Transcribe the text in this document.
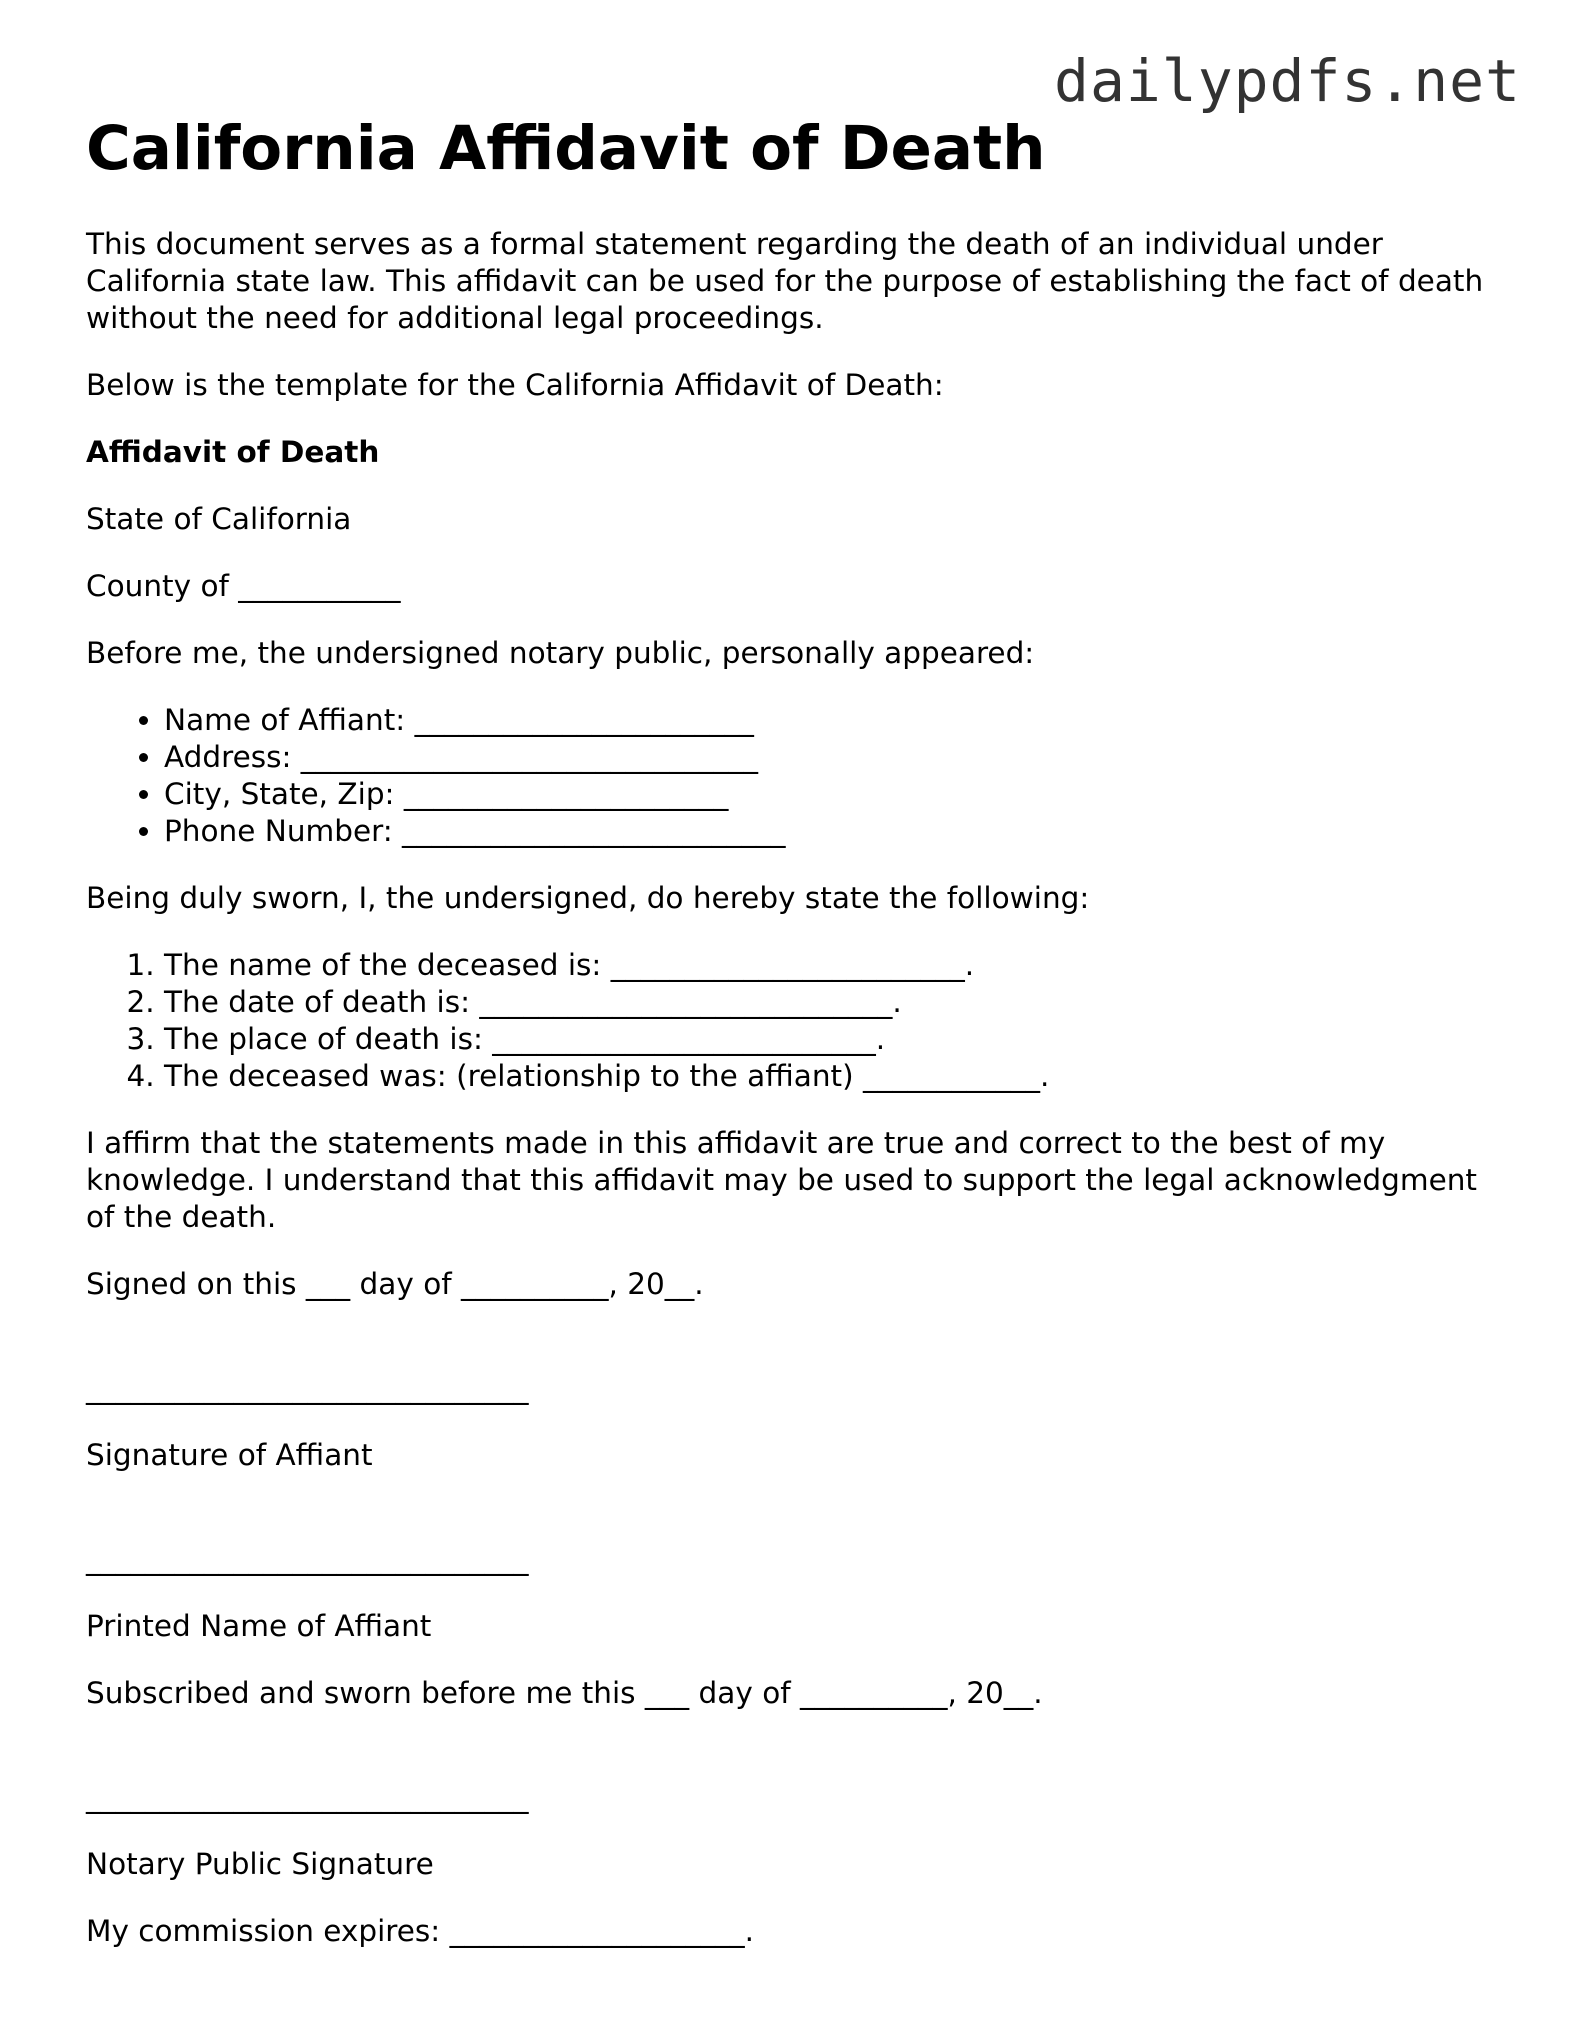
dailypdfs.net
California Affidavit of Death

This document serves as a formal statement regarding the death of an individual under California state law. This affidavit can be used for the purpose of establishing the fact of death without the need for additional legal proceedings.

Below is the template for the California Affidavit of Death:

Affidavit of Death

State of California

County of ___________

Before me, the undersigned notary public, personally appeared:

• Name of Affiant: _______________________
• Address: _______________________________
• City, State, Zip: ______________________
• Phone Number: __________________________

Being duly sworn, I, the undersigned, do hereby state the following:

1. The name of the deceased is: ________________________.
2. The date of death is: ____________________________.
3. The place of death is: __________________________.
4. The deceased was: (relationship to the affiant) ____________.

I affirm that the statements made in this affidavit are true and correct to the best of my knowledge. I understand that this affidavit may be used to support the legal acknowledgment of the death.

Signed on this ___ day of __________, 20__.

______________________________

Signature of Affiant

______________________________

Printed Name of Affiant

Subscribed and sworn before me this ___ day of __________, 20__.

______________________________

Notary Public Signature

My commission expires: ____________________.
